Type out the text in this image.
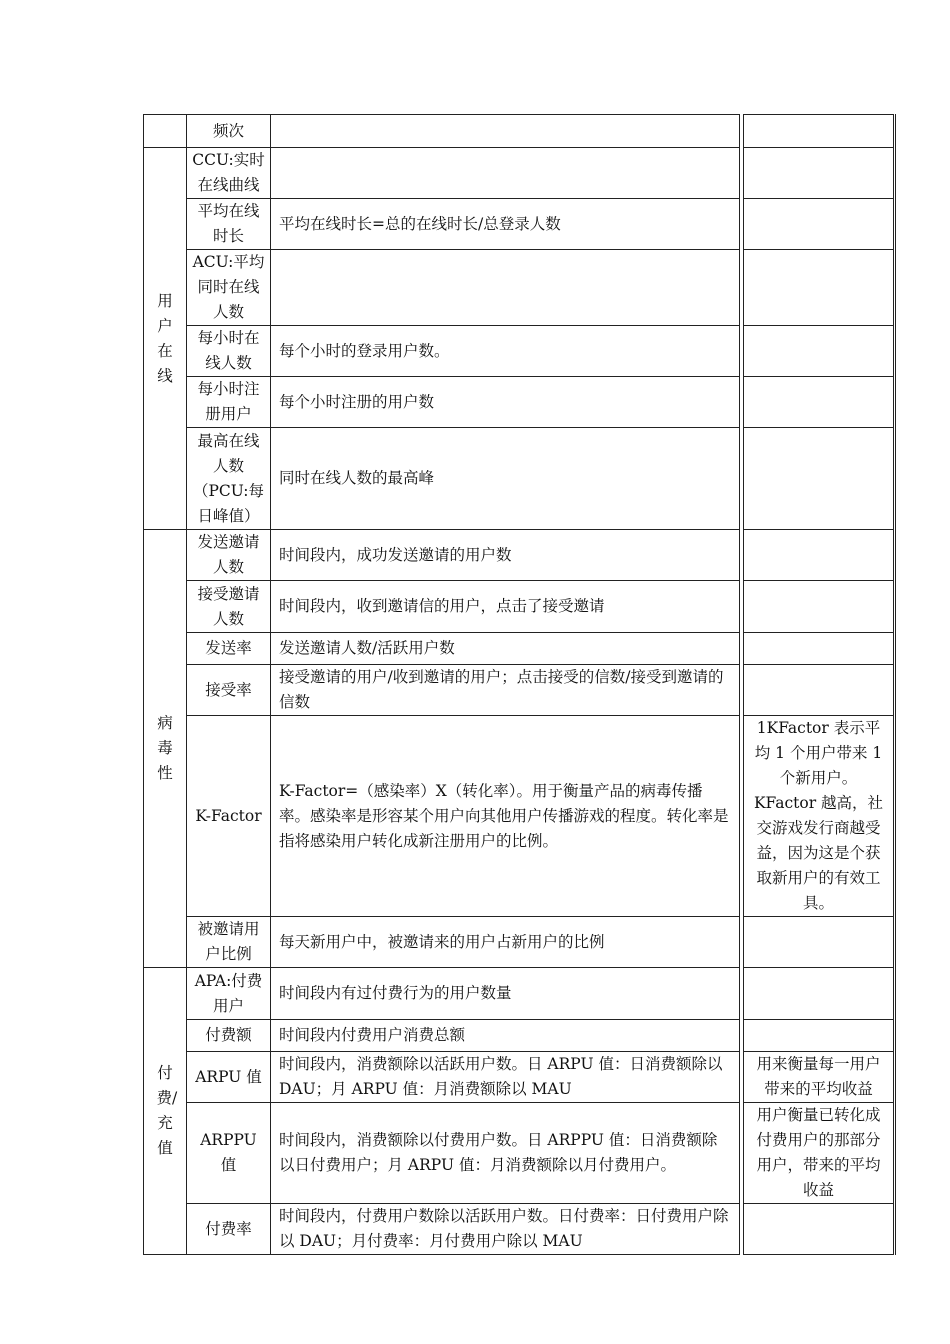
	频次			
用户在线	CCU:实时在线曲线			
	平均在线时长	平均在线时长=总的在线时长/总登录人数		
	ACU:平均同时在线人数			
	每小时在线人数	每个小时的登录用户数。		
	每小时注册用户	每个小时注册的用户数		
	最高在线人数（PCU:每日峰值）	同时在线人数的最高峰		
病毒性	发送邀请人数	时间段内，成功发送邀请的用户数		
	接受邀请人数	时间段内，收到邀请信的用户，点击了接受邀请		
	发送率	发送邀请人数/活跃用户数		
	接受率	接受邀请的用户/收到邀请的用户；点击接受的信数/接受到邀请的信数		
	K-Factor	K-Factor=（感染率）X（转化率）。用于衡量产品的病毒传播率。感染率是形容某个用户向其他用户传播游戏的程度。转化率是指将感染用户转化成新注册用户的比例。		1KFactor 表示平均 1 个用户带来 1 个新用户。KFactor 越高，社交游戏发行商越受益，因为这是个获取新用户的有效工具。
	被邀请用户比例	每天新用户中，被邀请来的用户占新用户的比例		
付费/充值	APA:付费用户	时间段内有过付费行为的用户数量		
	付费额	时间段内付费用户消费总额		
	ARPU 值	时间段内，消费额除以活跃用户数。日 ARPU 值：日消费额除以 DAU；月 ARPU 值：月消费额除以 MAU		用来衡量每一用户带来的平均收益
	ARPPU 值	时间段内，消费额除以付费用户数。日 ARPPU 值：日消费额除以日付费用户；月 ARPU 值：月消费额除以月付费用户。		用户衡量已转化成付费用户的那部分用户，带来的平均收益
	付费率	时间段内，付费用户数除以活跃用户数。日付费率：日付费用户除以 DAU；月付费率：月付费用户除以 MAU		
